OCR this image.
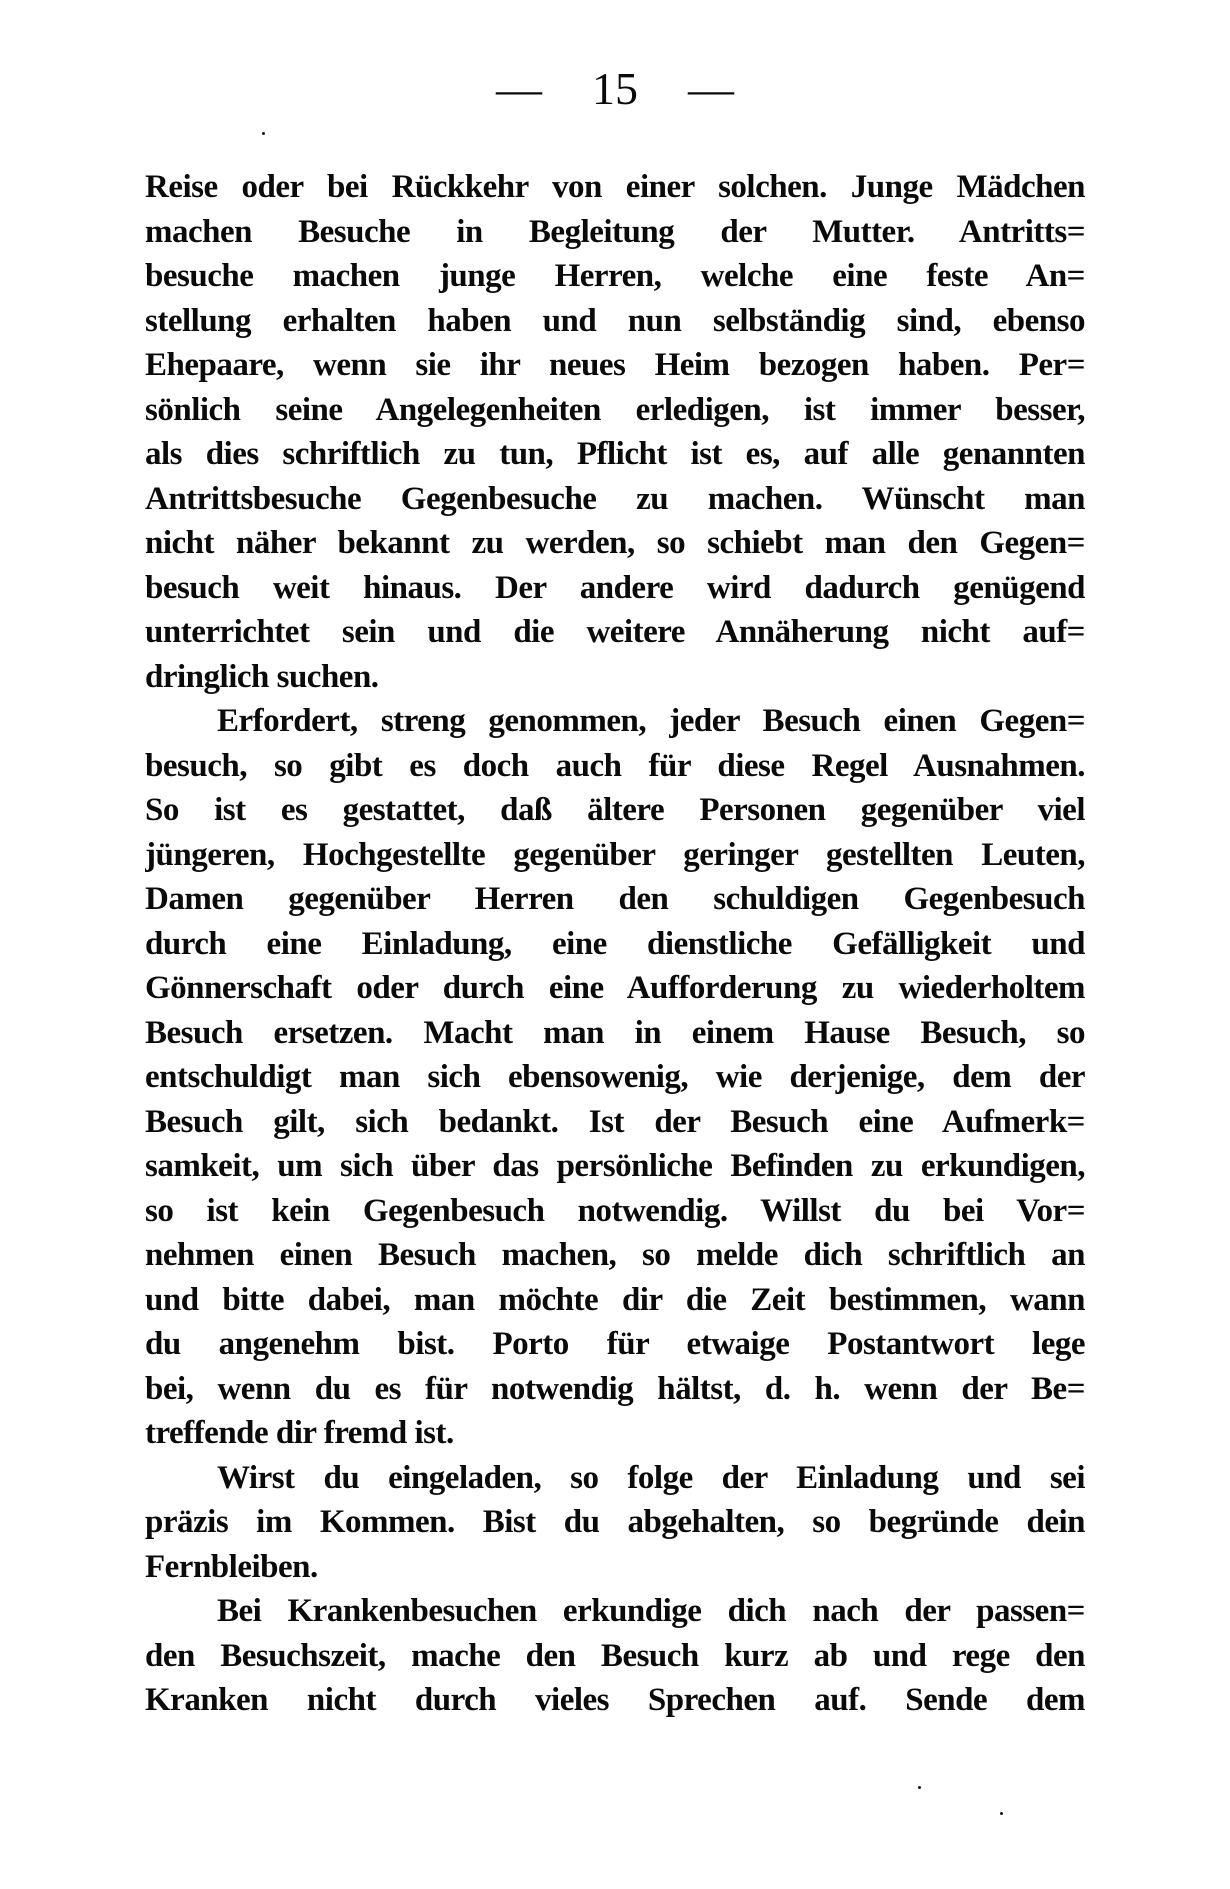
— 15 —
Reise oder bei Rückkehr von einer solchen. Junge Mädchen
machen Besuche in Begleitung der Mutter. Antritts=
besuche machen junge Herren, welche eine feste An=
stellung erhalten haben und nun selbständig sind, ebenso
Ehepaare, wenn sie ihr neues Heim bezogen haben. Per=
sönlich seine Angelegenheiten erledigen, ist immer besser,
als dies schriftlich zu tun, Pflicht ist es, auf alle genannten
Antrittsbesuche Gegenbesuche zu machen. Wünscht man
nicht näher bekannt zu werden, so schiebt man den Gegen=
besuch weit hinaus. Der andere wird dadurch genügend
unterrichtet sein und die weitere Annäherung nicht auf=
dringlich suchen.
Erfordert, streng genommen, jeder Besuch einen Gegen=
besuch, so gibt es doch auch für diese Regel Ausnahmen.
So ist es gestattet, daß ältere Personen gegenüber viel
jüngeren, Hochgestellte gegenüber geringer gestellten Leuten,
Damen gegenüber Herren den schuldigen Gegenbesuch
durch eine Einladung, eine dienstliche Gefälligkeit und
Gönnerschaft oder durch eine Aufforderung zu wiederholtem
Besuch ersetzen. Macht man in einem Hause Besuch, so
entschuldigt man sich ebensowenig, wie derjenige, dem der
Besuch gilt, sich bedankt. Ist der Besuch eine Aufmerk=
samkeit, um sich über das persönliche Befinden zu erkundigen,
so ist kein Gegenbesuch notwendig. Willst du bei Vor=
nehmen einen Besuch machen, so melde dich schriftlich an
und bitte dabei, man möchte dir die Zeit bestimmen, wann
du angenehm bist. Porto für etwaige Postantwort lege
bei, wenn du es für notwendig hältst, d. h. wenn der Be=
treffende dir fremd ist.
Wirst du eingeladen, so folge der Einladung und sei
präzis im Kommen. Bist du abgehalten, so begründe dein
Fernbleiben.
Bei Krankenbesuchen erkundige dich nach der passen=
den Besuchszeit, mache den Besuch kurz ab und rege den
Kranken nicht durch vieles Sprechen auf. Sende dem
